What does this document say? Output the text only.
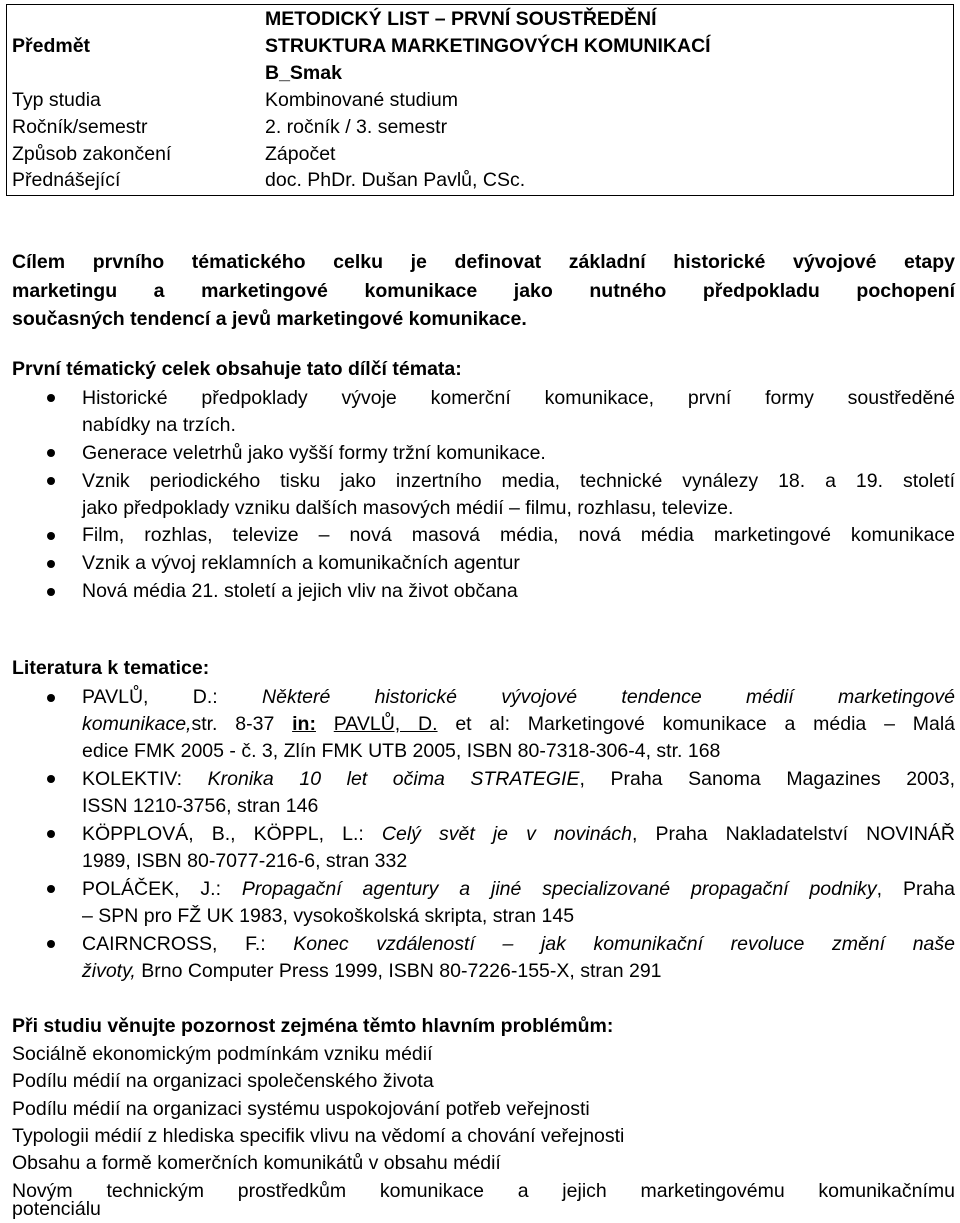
METODICKÝ LIST – PRVNÍ SOUSTŘEDĚNÍ
Předmět	STRUKTURA MARKETINGOVÝCH KOMUNIKACÍ
B_Smak
Typ studia	Kombinované studium
Ročník/semestr	2. ročník / 3. semestr
Způsob zakončení	Zápočet
Přednášející	doc. PhDr. Dušan Pavlů, CSc.
Cílem prvního tématického celku je definovat základní historické vývojové etapy
marketingu a marketingové komunikace jako nutného předpokladu pochopení
současných tendencí a jevů marketingové komunikace.
První tématický celek obsahuje tato dílčí témata:
Historické předpoklady vývoje komerční komunikace, první formy soustředěné
nabídky na trzích.
Generace veletrhů jako vyšší formy tržní komunikace.
Vznik periodického tisku jako inzertního media, technické vynálezy 18. a 19. století
jako předpoklady vzniku dalších masových médií – filmu, rozhlasu, televize.
Film, rozhlas, televize – nová masová média, nová média marketingové komunikace
Vznik a vývoj reklamních a komunikačních agentur
Nová média 21. století a jejich vliv na život občana
Literatura k tematice:
PAVLŮ, D.: Některé historické vývojové tendence médií marketingové
komunikace,str. 8-37 in: PAVLŮ, D. et al: Marketingové komunikace a média – Malá
edice FMK 2005 - č. 3, Zlín FMK UTB 2005, ISBN 80-7318-306-4, str. 168
KOLEKTIV: Kronika 10 let očima STRATEGIE, Praha Sanoma Magazines 2003,
ISSN 1210-3756, stran 146
KÖPPLOVÁ, B., KÖPPL, L.: Celý svět je v novinách, Praha Nakladatelství NOVINÁŘ
1989, ISBN 80-7077-216-6, stran 332
POLÁČEK, J.: Propagační agentury a jiné specializované propagační podniky, Praha
– SPN pro FŽ UK 1983, vysokoškolská skripta, stran 145
CAIRNCROSS, F.: Konec vzdáleností – jak komunikační revoluce změní naše
životy, Brno Computer Press 1999, ISBN 80-7226-155-X, stran 291
Při studiu věnujte pozornost zejména těmto hlavním problémům:
Sociálně ekonomickým podmínkám vzniku médií
Podílu médií na organizaci společenského života
Podílu médií na organizaci systému uspokojování potřeb veřejnosti
Typologii médií z hlediska specifik vlivu na vědomí a chování veřejnosti
Obsahu a formě komerčních komunikátů v obsahu médií
Novým technickým prostředkům komunikace a jejich marketingovému komunikačnímu
potenciálu
